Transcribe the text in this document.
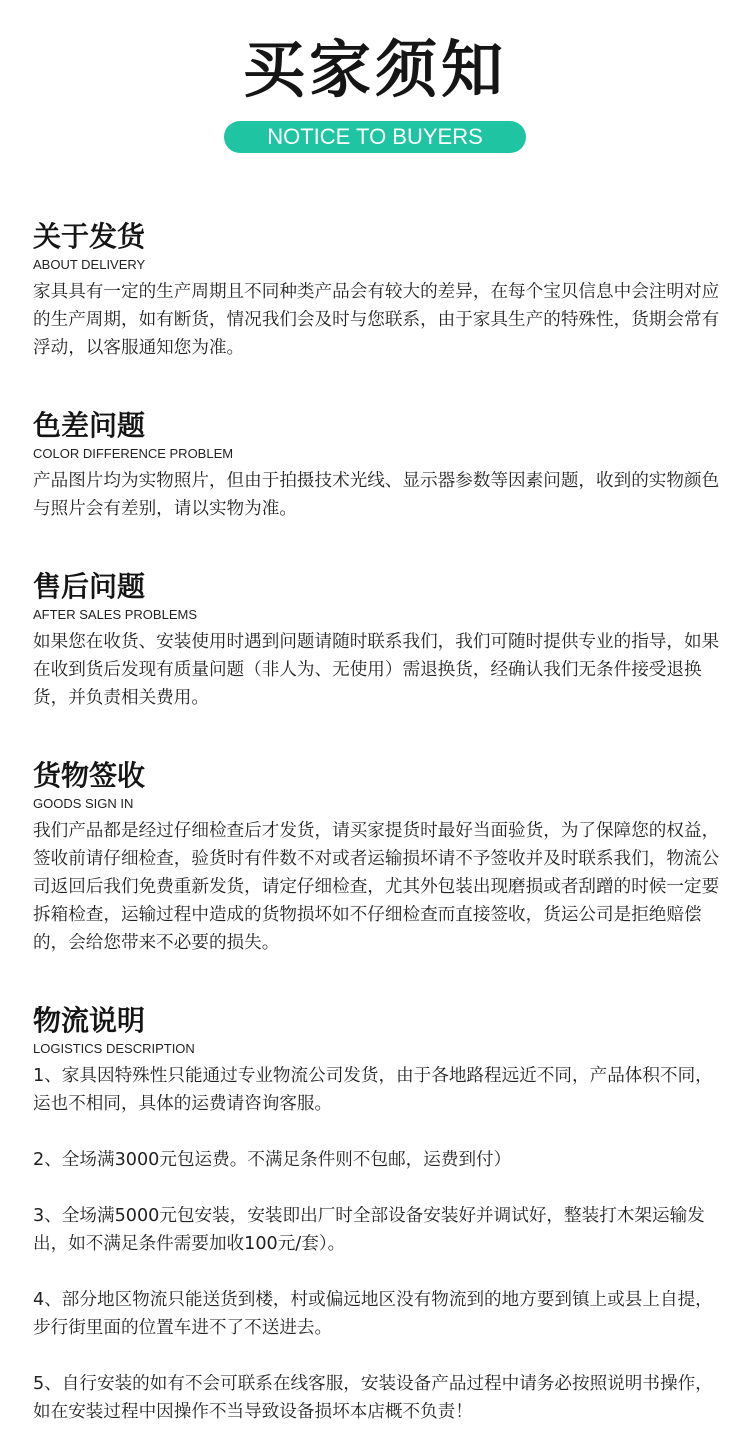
买家须知
NOTICE TO BUYERS
关于发货
ABOUT DELIVERY

家具具有一定的生产周期且不同种类产品会有较大的差异，在每个宝贝信息中会注明对应的生产周期，如有断货，情况我们会及时与您联系，由于家具生产的特殊性，货期会常有浮动，以客服通知您为准。

色差问题
COLOR DIFFERENCE PROBLEM

产品图片均为实物照片，但由于拍摄技术光线、显示器参数等因素问题，收到的实物颜色与照片会有差别，请以实物为准。

售后问题
AFTER SALES PROBLEMS

如果您在收货、安装使用时遇到问题请随时联系我们，我们可随时提供专业的指导，如果在收到货后发现有质量问题（非人为、无使用）需退换货，经确认我们无条件接受退换货，并负责相关费用。

货物签收
GOODS SIGN IN

我们产品都是经过仔细检查后才发货，请买家提货时最好当面验货，为了保障您的权益，签收前请仔细检查，验货时有件数不对或者运输损坏请不予签收并及时联系我们，物流公司返回后我们免费重新发货，请定仔细检查，尤其外包装出现磨损或者刮蹭的时候一定要拆箱检查，运输过程中造成的货物损坏如不仔细检查而直接签收，货运公司是拒绝赔偿的，会给您带来不必要的损失。

物流说明
LOGISTICS DESCRIPTION

1、家具因特殊性只能通过专业物流公司发货，由于各地路程远近不同，产品体积不同，运也不相同，具体的运费请咨询客服。

2、全场满3000元包运费。不满足条件则不包邮，运费到付）

3、全场满5000元包安装，安装即出厂时全部设备安装好并调试好，整装打木架运输发出，如不满足条件需要加收100元/套）。

4、部分地区物流只能送货到楼，村或偏远地区没有物流到的地方要到镇上或县上自提，步行街里面的位置车进不了不送进去。

5、自行安装的如有不会可联系在线客服，安装设备产品过程中请务必按照说明书操作，如在安装过程中因操作不当导致设备损坏本店概不负责！
